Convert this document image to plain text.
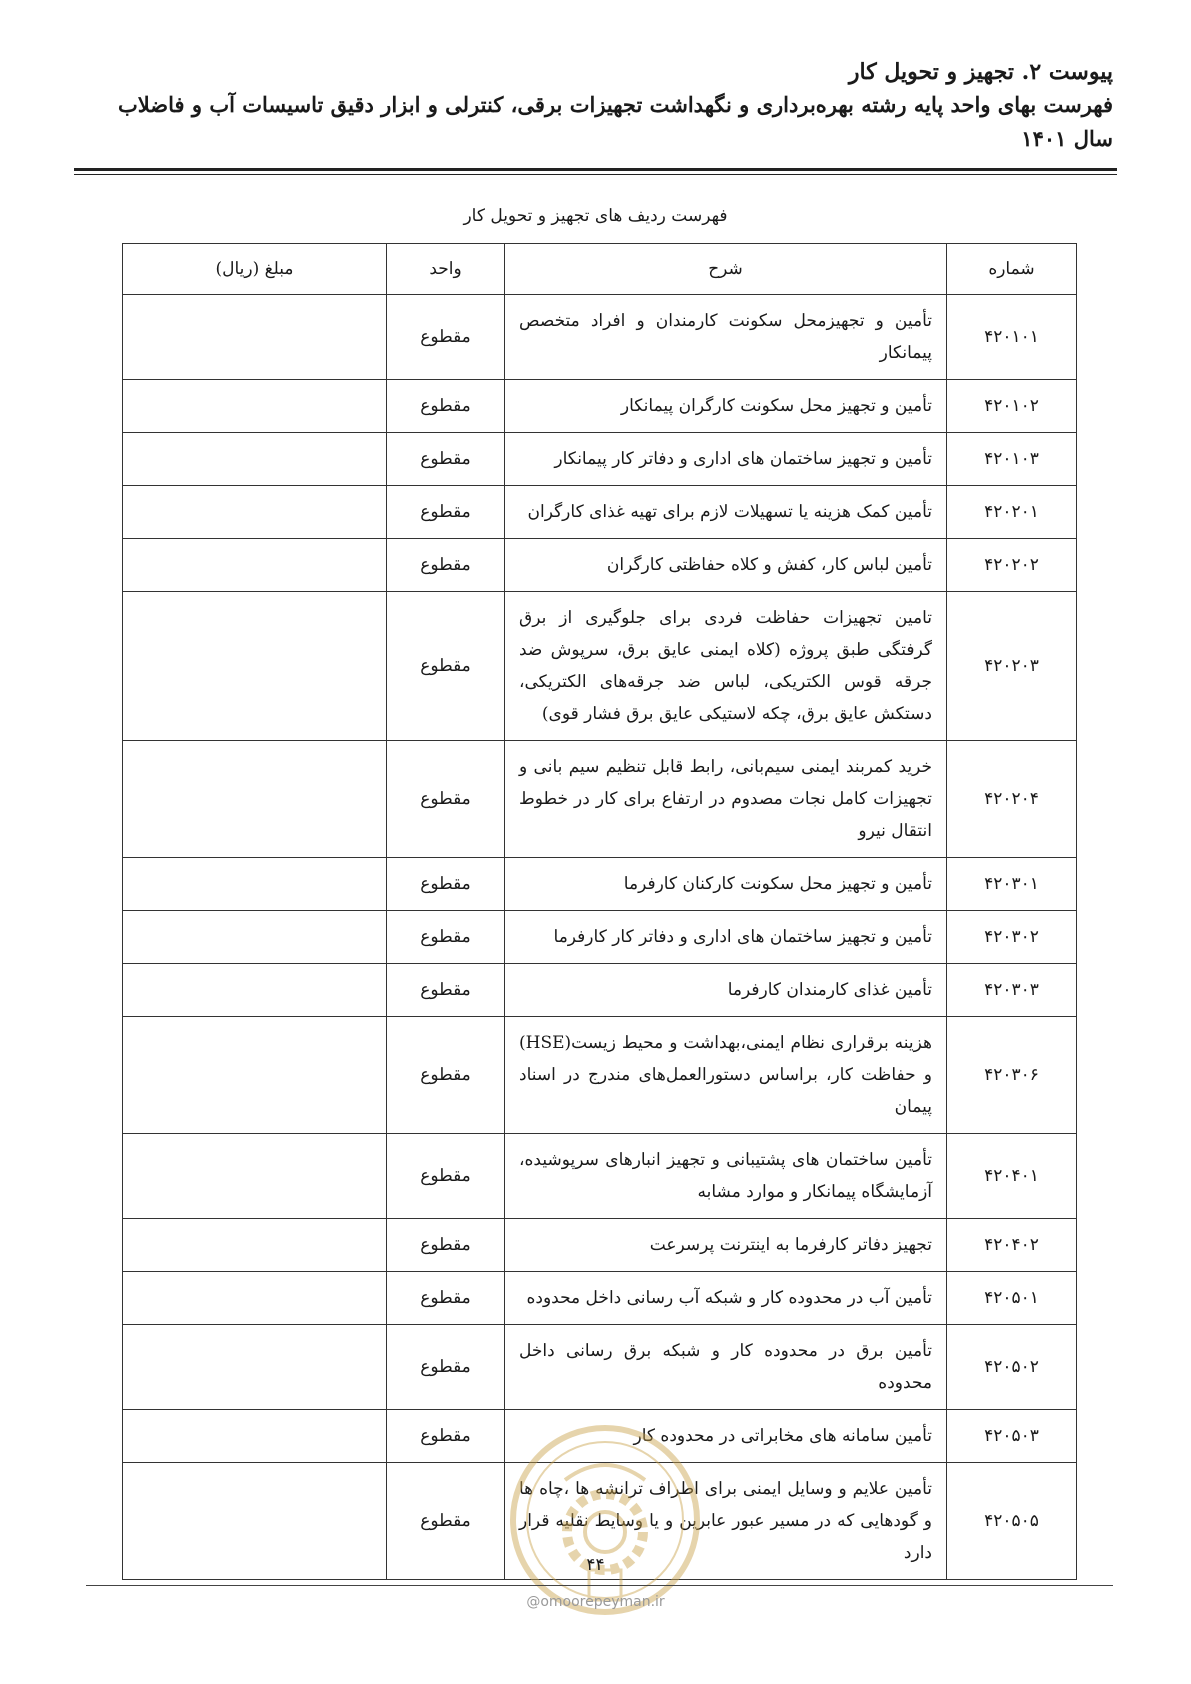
پیوست ۲. تجهیز و تحویل کار
فهرست بهای واحد پایه رشته بهره‌برداری و نگهداشت تجهیزات برقی، کنترلی و ابزار دقیق تاسیسات آب و فاضلاب سال ۱۴۰۱
فهرست ردیف های تجهیز و تحویل کار
شماره	شرح	واحد	مبلغ (ریال)
۴۲۰۱۰۱	تأمین و تجهیزمحل سکونت کارمندان و افراد متخصص پیمانکار	مقطوع	
۴۲۰۱۰۲	تأمین و تجهیز محل سکونت کارگران پیمانکار	مقطوع	
۴۲۰۱۰۳	تأمین و تجهیز ساختمان های اداری و دفاتر کار پیمانکار	مقطوع	
۴۲۰۲۰۱	تأمین کمک هزینه یا تسهیلات لازم برای تهیه غذای کارگران	مقطوع	
۴۲۰۲۰۲	تأمین لباس کار، کفش و کلاه حفاظتی کارگران	مقطوع	
۴۲۰۲۰۳	تامین تجهیزات حفاظت فردی برای جلوگیری از برق گرفتگی طبق پروژه (کلاه ایمنی عایق برق، سرپوش ضد جرقه قوس الکتریکی، لباس ضد جرقه‌های الکتریکی، دستکش عایق برق، چکه لاستیکی عایق برق فشار قوی)	مقطوع	
۴۲۰۲۰۴	خرید کمربند ایمنی سیم‌بانی، رابط قابل تنظیم سیم بانی و تجهیزات کامل نجات مصدوم در ارتفاع برای کار در خطوط انتقال نیرو	مقطوع	
۴۲۰۳۰۱	تأمین و تجهیز محل سکونت کارکنان کارفرما	مقطوع	
۴۲۰۳۰۲	تأمین و تجهیز ساختمان های اداری و دفاتر کار کارفرما	مقطوع	
۴۲۰۳۰۳	تأمین غذای کارمندان کارفرما	مقطوع	
۴۲۰۳۰۶	هزینه برقراری نظام ایمنی،بهداشت و محیط زیست(HSE) و حفاظت کار، براساس دستورالعمل‌های مندرج در اسناد پیمان	مقطوع	
۴۲۰۴۰۱	تأمین ساختمان های پشتیبانی و تجهیز انبارهای سرپوشیده، آزمایشگاه پیمانکار و موارد مشابه	مقطوع	
۴۲۰۴۰۲	تجهیز دفاتر کارفرما به اینترنت پرسرعت	مقطوع	
۴۲۰۵۰۱	تأمین آب در محدوده کار و شبکه آب رسانی داخل محدوده	مقطوع	
۴۲۰۵۰۲	تأمین برق در محدوده کار و شبکه برق رسانی داخل محدوده	مقطوع	
۴۲۰۵۰۳	تأمین سامانه های مخابراتی در محدوده کار	مقطوع	
۴۲۰۵۰۵	تأمین علایم و وسایل ایمنی برای اطراف ترانشه ها ،چاه ها و گودهایی که در مسیر عبور عابرین و یا وسایط نقلیه قرار دارد	مقطوع	
۴۴
@omoorepeyman.ir
